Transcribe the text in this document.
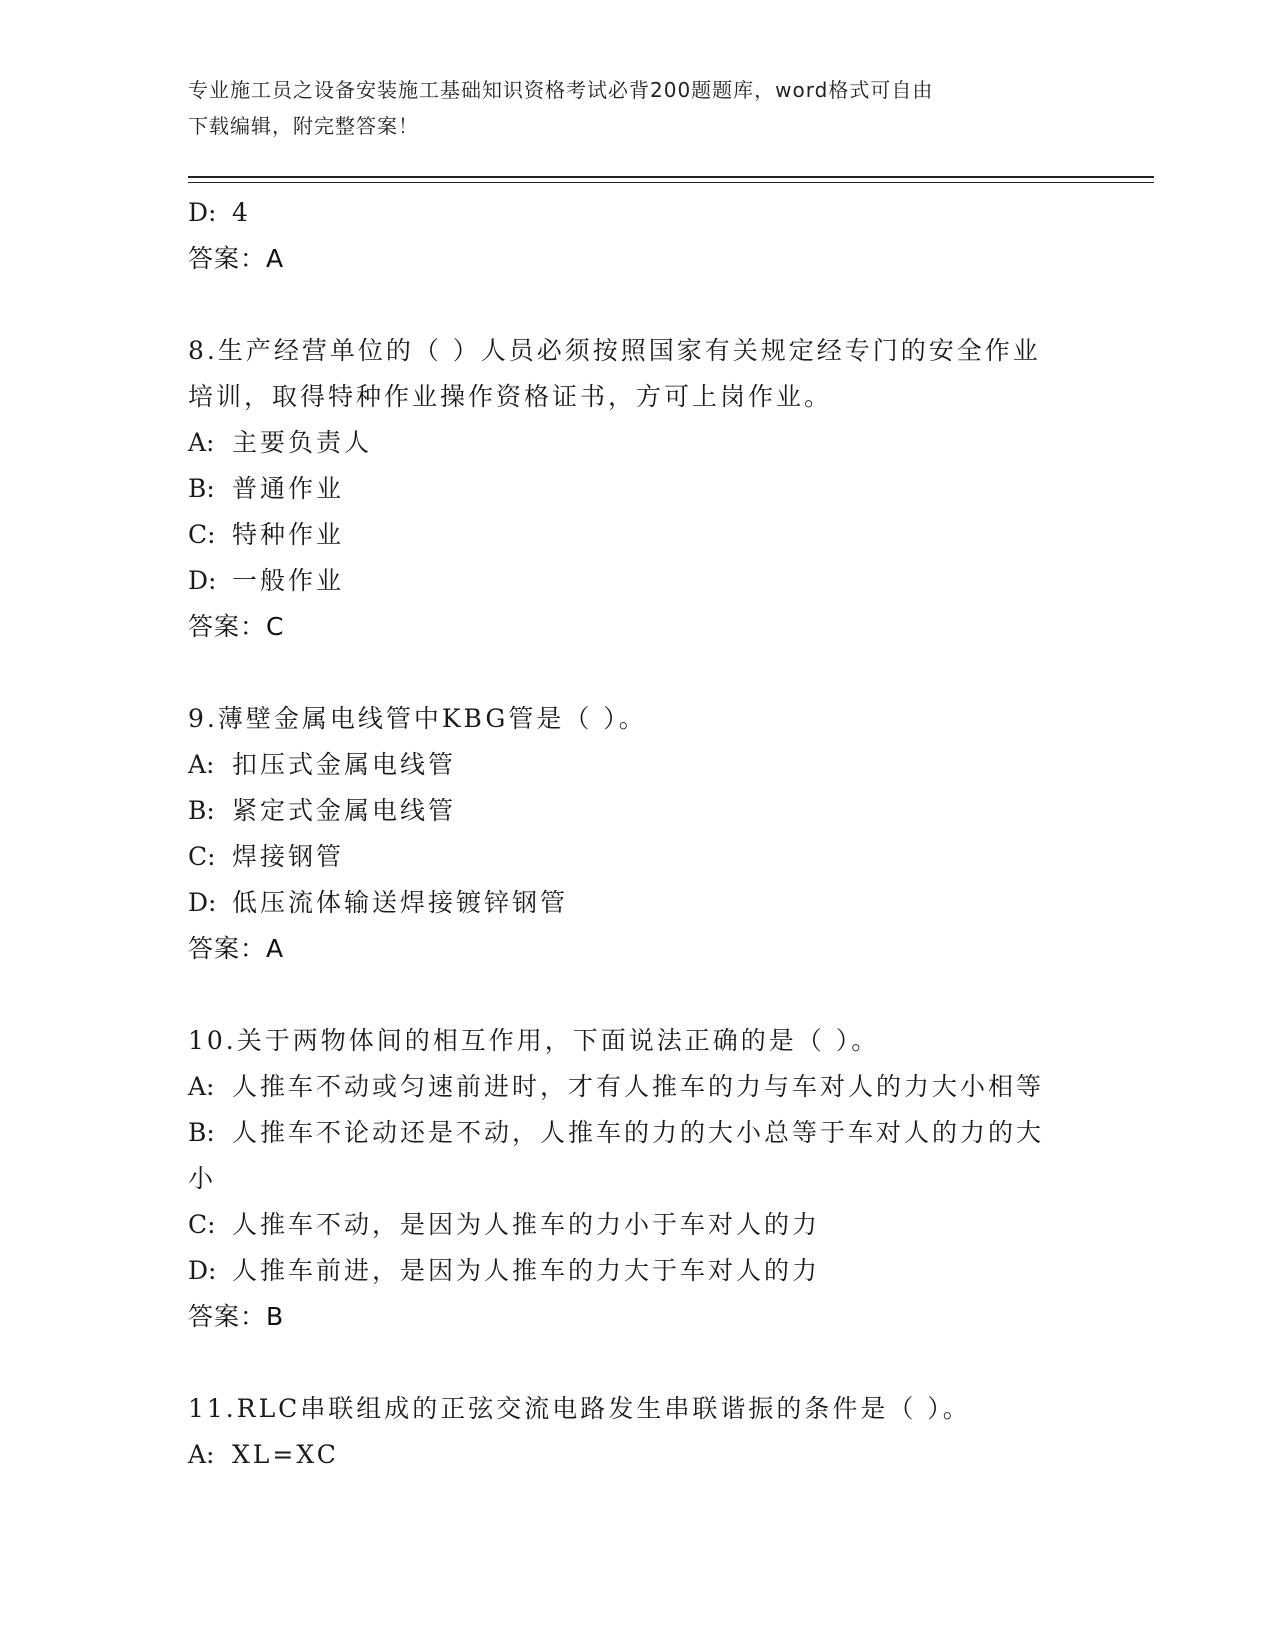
专业施工员之设备安装施工基础知识资格考试必背200题题库，word格式可自由
下载编辑，附完整答案！
D: 4
答案：A
8.生产经营单位的（ ）人员必须按照国家有关规定经专门的安全作业
培训，取得特种作业操作资格证书，方可上岗作业。
A: 主要负责人
B: 普通作业
C: 特种作业
D: 一般作业
答案：C
9.薄壁金属电线管中KBG管是（ ）。
A: 扣压式金属电线管
B: 紧定式金属电线管
C: 焊接钢管
D: 低压流体输送焊接镀锌钢管
答案：A
10.关于两物体间的相互作用，下面说法正确的是（ ）。
A: 人推车不动或匀速前进时，才有人推车的力与车对人的力大小相等
B: 人推车不论动还是不动，人推车的力的大小总等于车对人的力的大
小
C: 人推车不动，是因为人推车的力小于车对人的力
D: 人推车前进，是因为人推车的力大于车对人的力
答案：B
11.RLC串联组成的正弦交流电路发生串联谐振的条件是（ ）。
A: XL=XC
